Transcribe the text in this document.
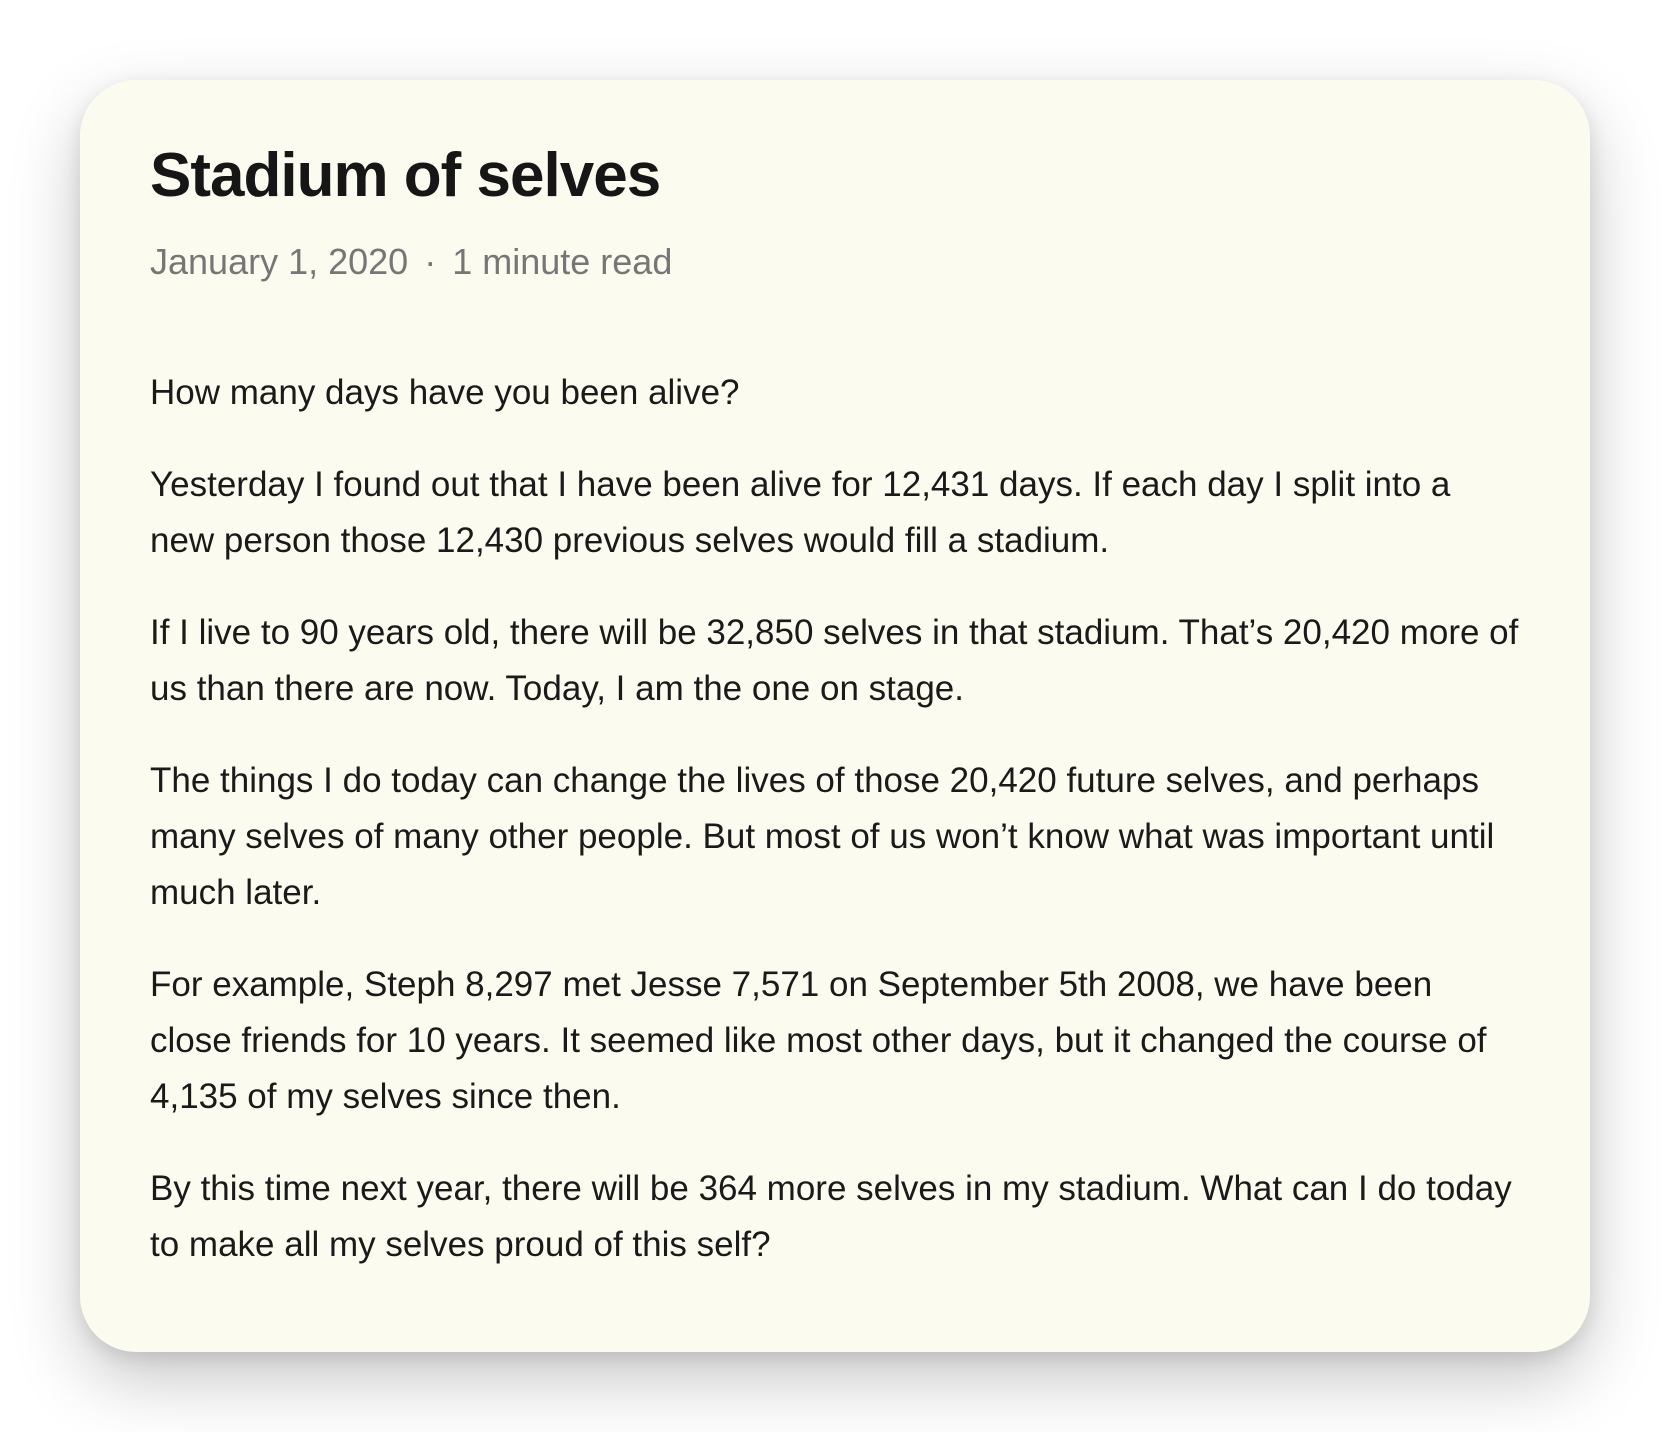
Stadium of selves
January 1, 2020 · 1 minute read

How many days have you been alive?

Yesterday I found out that I have been alive for 12,431 days. If each day I split into a new person those 12,430 previous selves would fill a stadium.

If I live to 90 years old, there will be 32,850 selves in that stadium. That’s 20,420 more of us than there are now. Today, I am the one on stage.

The things I do today can change the lives of those 20,420 future selves, and perhaps many selves of many other people. But most of us won’t know what was important until much later.

For example, Steph 8,297 met Jesse 7,571 on September 5th 2008, we have been close friends for 10 years. It seemed like most other days, but it changed the course of 4,135 of my selves since then.

By this time next year, there will be 364 more selves in my stadium. What can I do today to make all my selves proud of this self?
